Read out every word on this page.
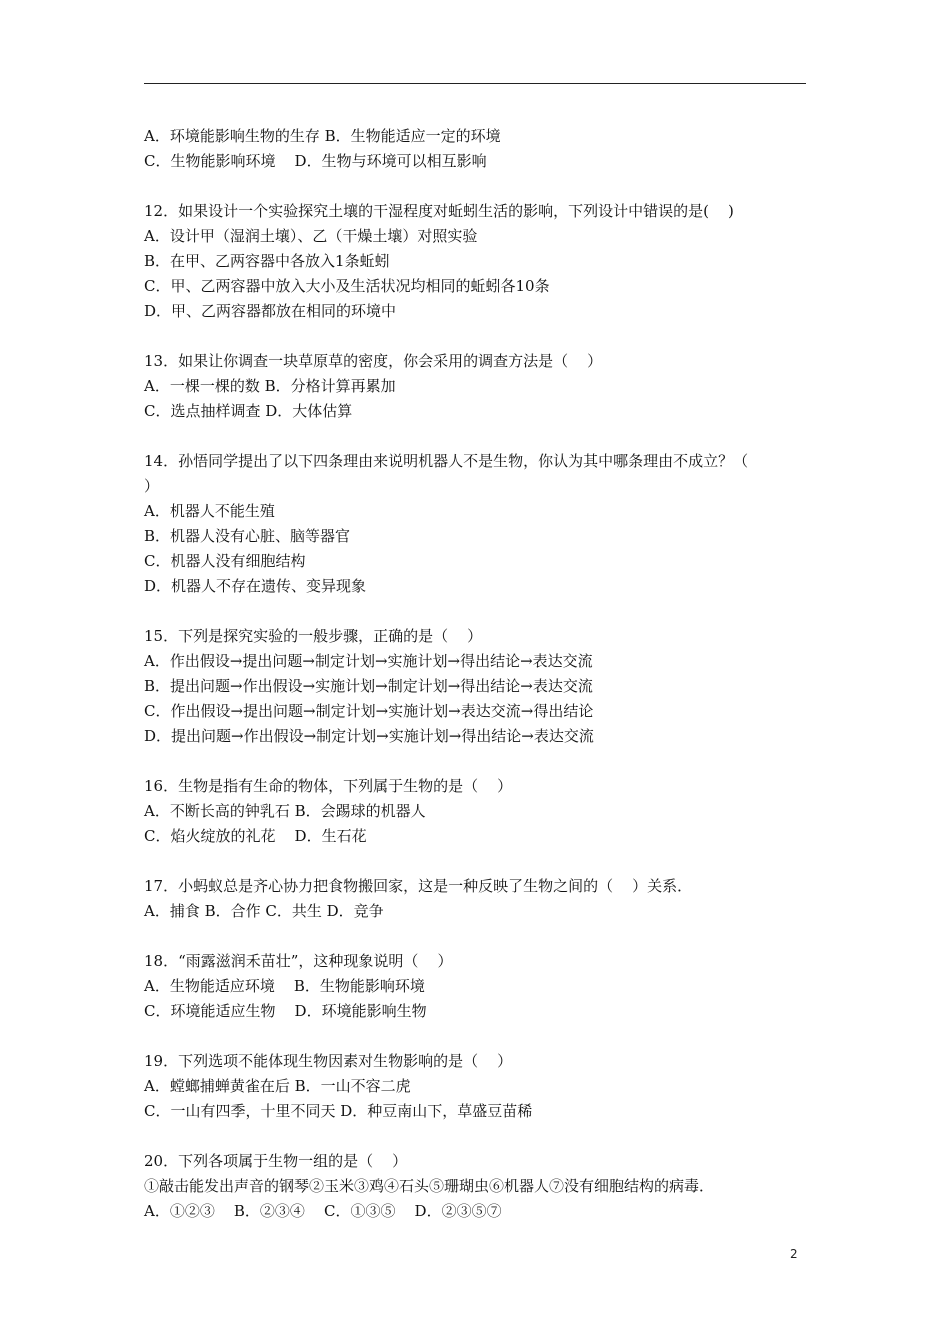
A．环境能影响生物的生存 B．生物能适应一定的环境
C．生物能影响环境    D．生物与环境可以相互影响
12．如果设计一个实验探究土壤的干湿程度对蚯蚓生活的影响，下列设计中错误的是(    )
A．设计甲（湿润土壤）、乙（干燥土壤）对照实验
B．在甲、乙两容器中各放入1条蚯蚓
C．甲、乙两容器中放入大小及生活状况均相同的蚯蚓各10条
D．甲、乙两容器都放在相同的环境中
13．如果让你调查一块草原草的密度，你会采用的调查方法是（    ）
A．一棵一棵的数 B．分格计算再累加
C．选点抽样调查 D．大体估算
14．孙悟同学提出了以下四条理由来说明机器人不是生物，你认为其中哪条理由不成立？（
）
A．机器人不能生殖
B．机器人没有心脏、脑等器官
C．机器人没有细胞结构
D．机器人不存在遗传、变异现象
15．下列是探究实验的一般步骤，正确的是（    ）
A．作出假设→提出问题→制定计划→实施计划→得出结论→表达交流
B．提出问题→作出假设→实施计划→制定计划→得出结论→表达交流
C．作出假设→提出问题→制定计划→实施计划→表达交流→得出结论
D．提出问题→作出假设→制定计划→实施计划→得出结论→表达交流
16．生物是指有生命的物体，下列属于生物的是（    ）
A．不断长高的钟乳石 B．会踢球的机器人
C．焰火绽放的礼花    D．生石花
17．小蚂蚁总是齐心协力把食物搬回家，这是一种反映了生物之间的（    ）关系．
A．捕食 B．合作 C．共生 D．竞争
18．“雨露滋润禾苗壮”，这种现象说明（    ）
A．生物能适应环境    B．生物能影响环境
C．环境能适应生物    D．环境能影响生物
19．下列选项不能体现生物因素对生物影响的是（    ）
A．螳螂捕蝉黄雀在后 B．一山不容二虎
C．一山有四季，十里不同天 D．种豆南山下，草盛豆苗稀
20．下列各项属于生物一组的是（    ）
①敲击能发出声音的钢琴②玉米③鸡④石头⑤珊瑚虫⑥机器人⑦没有细胞结构的病毒．
A．①②③    B．②③④    C．①③⑤    D．②③⑤⑦
2
